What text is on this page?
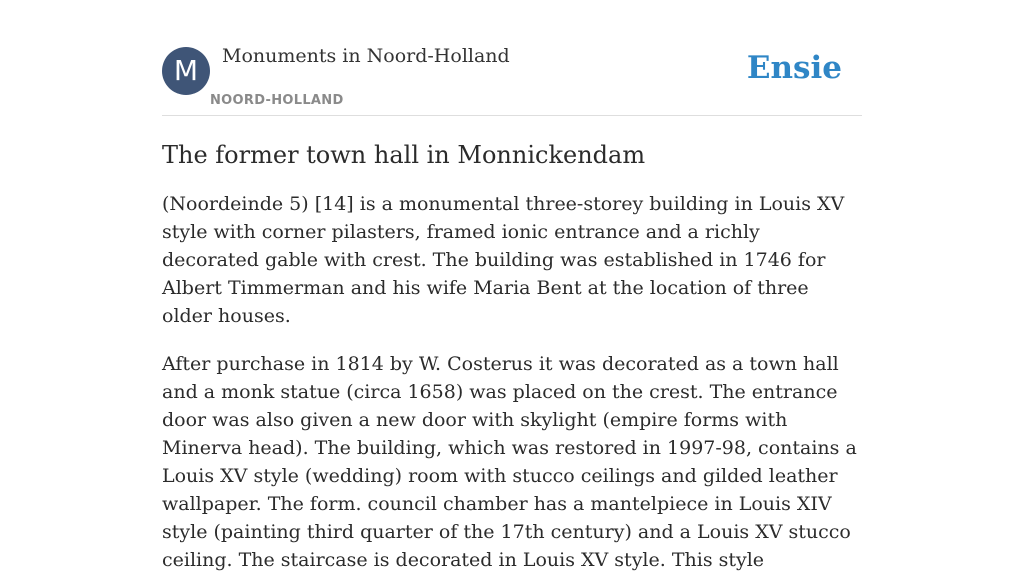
M	Monuments in Noord-Holland
NOORD-HOLLAND
Ensie
The former town hall in Monnickendam

(Noordeinde 5) [14] is a monumental three-storey building in Louis XV style with corner pilasters, framed ionic entrance and a richly decorated gable with crest. The building was established in 1746 for Albert Timmerman and his wife Maria Bent at the location of three older houses.

After purchase in 1814 by W. Costerus it was decorated as a town hall and a monk statue (circa 1658) was placed on the crest. The entrance door was also given a new door with skylight (empire forms with Minerva head). The building, which was restored in 1997-98, contains a Louis XV style (wedding) room with stucco ceilings and gilded leather wallpaper. The form. council chamber has a mantelpiece in Louis XIV style (painting third quarter of the 17th century) and a Louis XV stucco ceiling. The staircase is decorated in Louis XV style. This style
